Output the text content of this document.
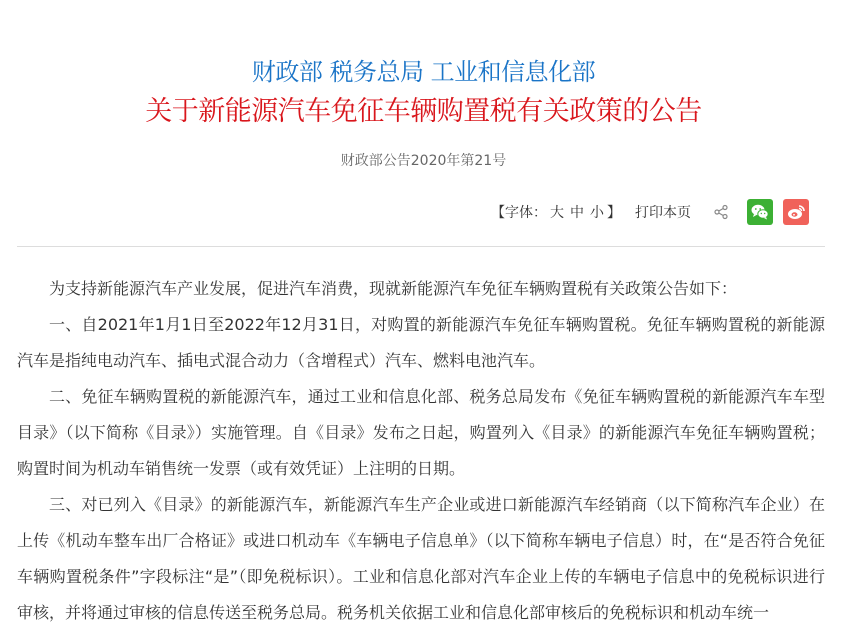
财政部 税务总局 工业和信息化部
关于新能源汽车免征车辆购置税有关政策的公告
财政部公告2020年第21号
【字体： 大 中 小 】 打印本页

为支持新能源汽车产业发展，促进汽车消费，现就新能源汽车免征车辆购置税有关政策公告如下：

一、自2021年1月1日至2022年12月31日，对购置的新能源汽车免征车辆购置税。免征车辆购置税的新能源汽车是指纯电动汽车、插电式混合动力（含增程式）汽车、燃料电池汽车。

二、免征车辆购置税的新能源汽车，通过工业和信息化部、税务总局发布《免征车辆购置税的新能源汽车车型目录》（以下简称《目录》）实施管理。自《目录》发布之日起，购置列入《目录》的新能源汽车免征车辆购置税；购置时间为机动车销售统一发票（或有效凭证）上注明的日期。

三、对已列入《目录》的新能源汽车，新能源汽车生产企业或进口新能源汽车经销商（以下简称汽车企业）在上传《机动车整车出厂合格证》或进口机动车《车辆电子信息单》（以下简称车辆电子信息）时，在“是否符合免征车辆购置税条件”字段标注“是”（即免税标识）。工业和信息化部对汽车企业上传的车辆电子信息中的免税标识进行审核，并将通过审核的信息传送至税务总局。税务机关依据工业和信息化部审核后的免税标识和机动车统一
